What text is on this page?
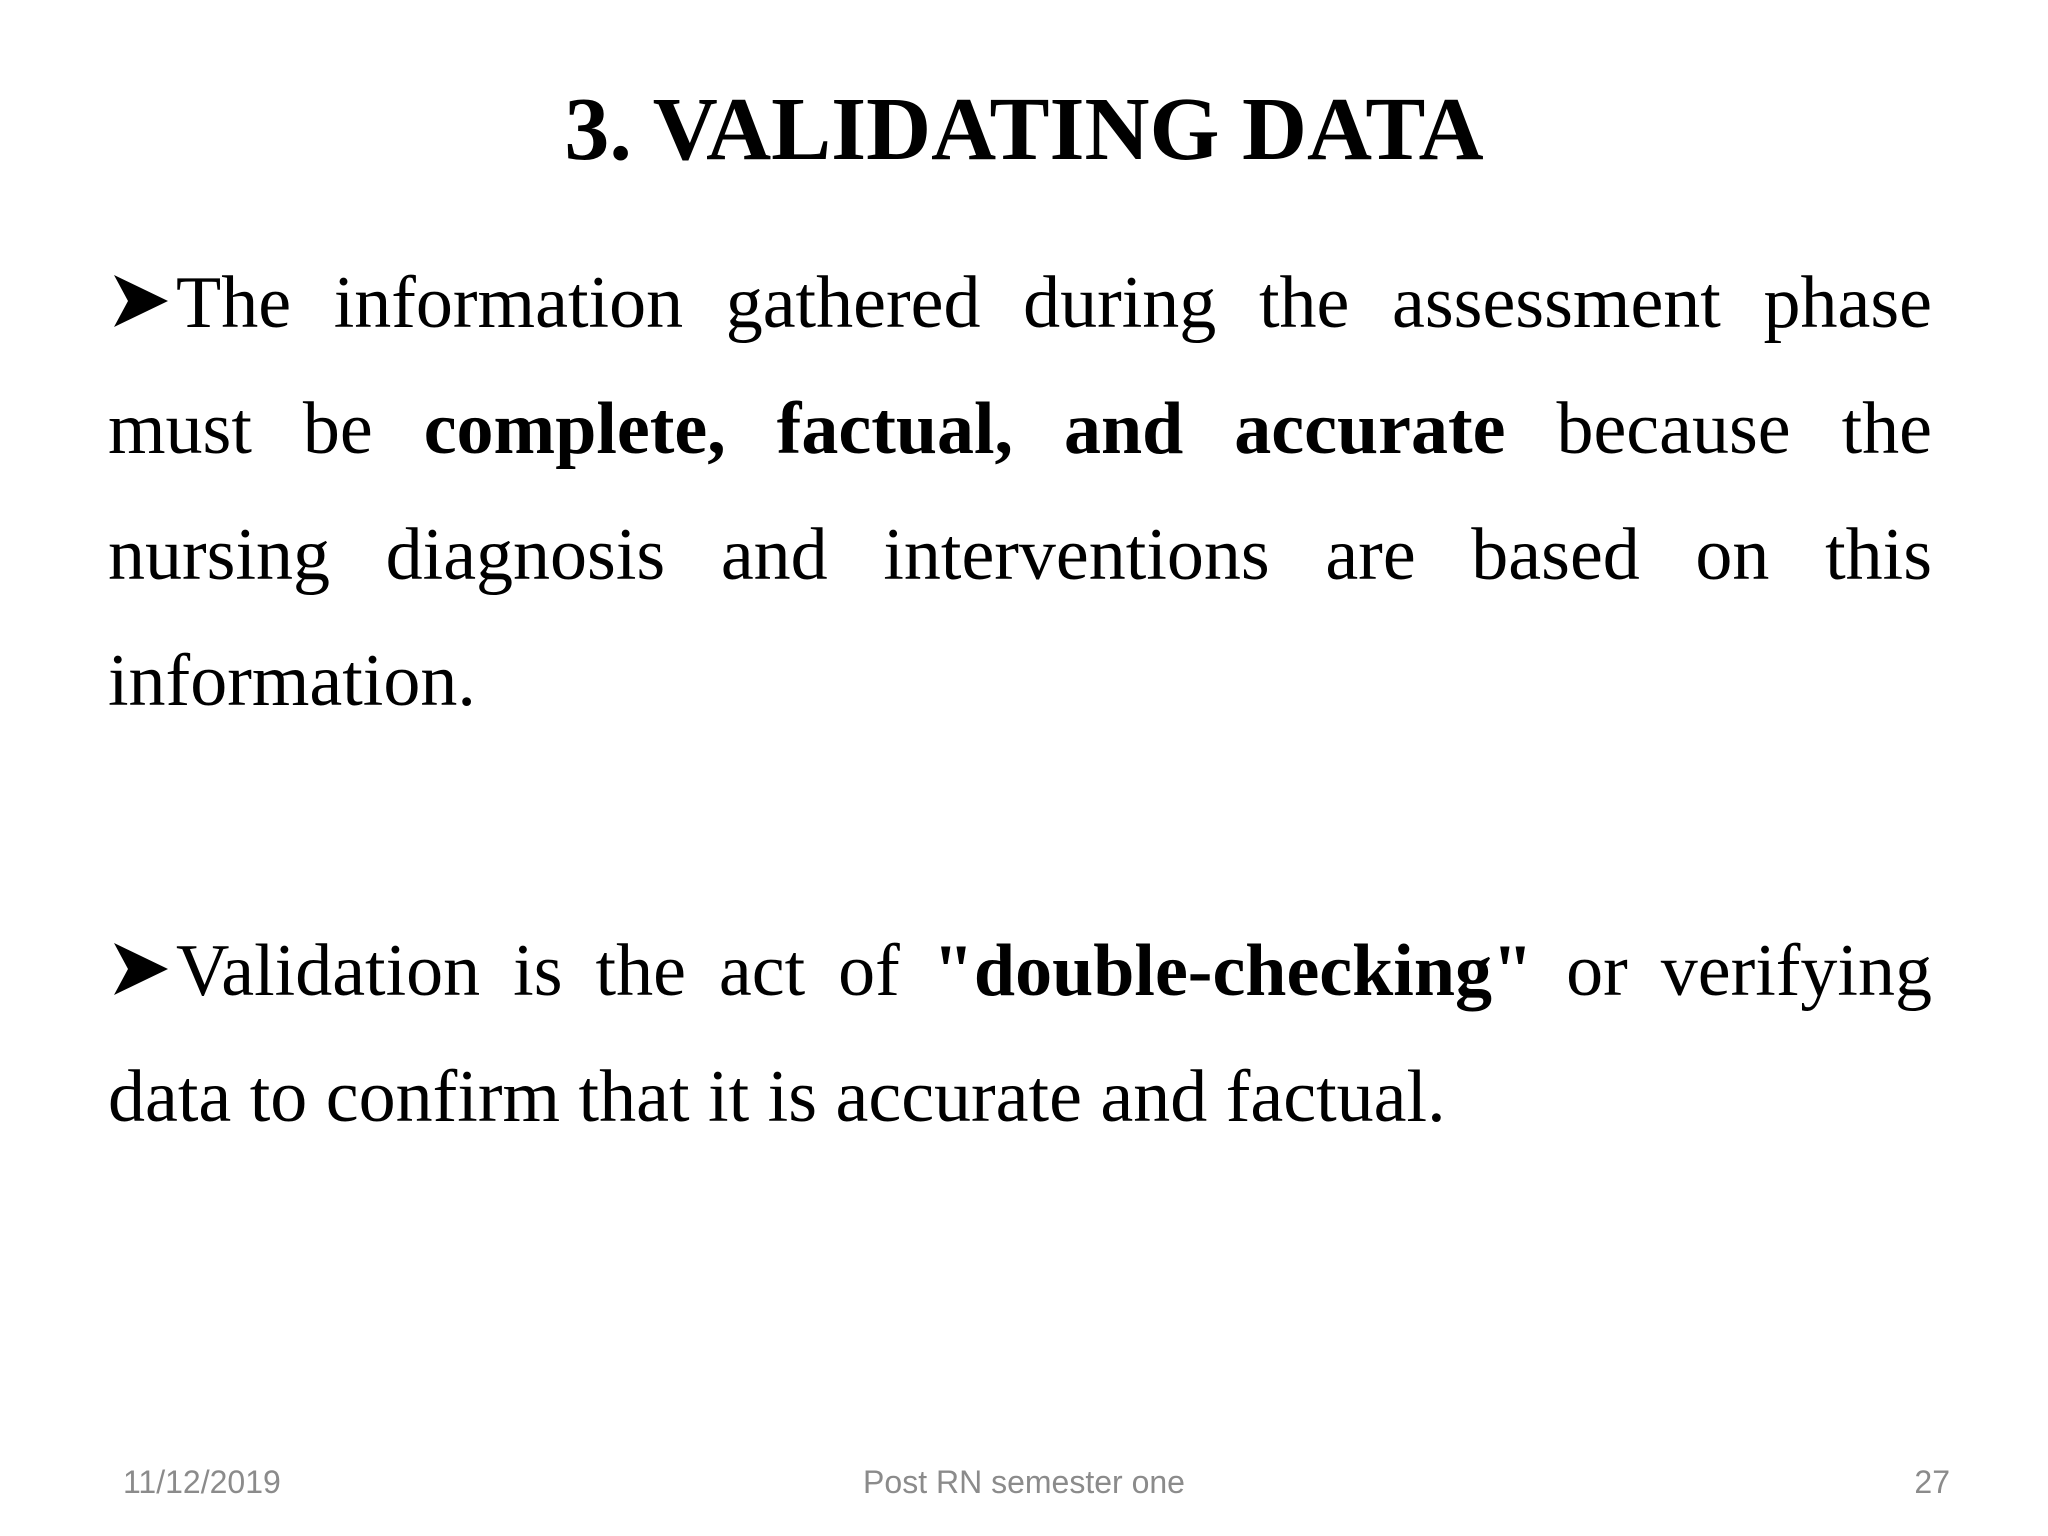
3. VALIDATING DATA

The information gathered during the assessment phase must be complete, factual, and accurate because the nursing diagnosis and interventions are based on this information.

Validation is the act of "double-checking" or verifying data to confirm that it is accurate and factual.

11/12/2019	Post RN semester one	27
